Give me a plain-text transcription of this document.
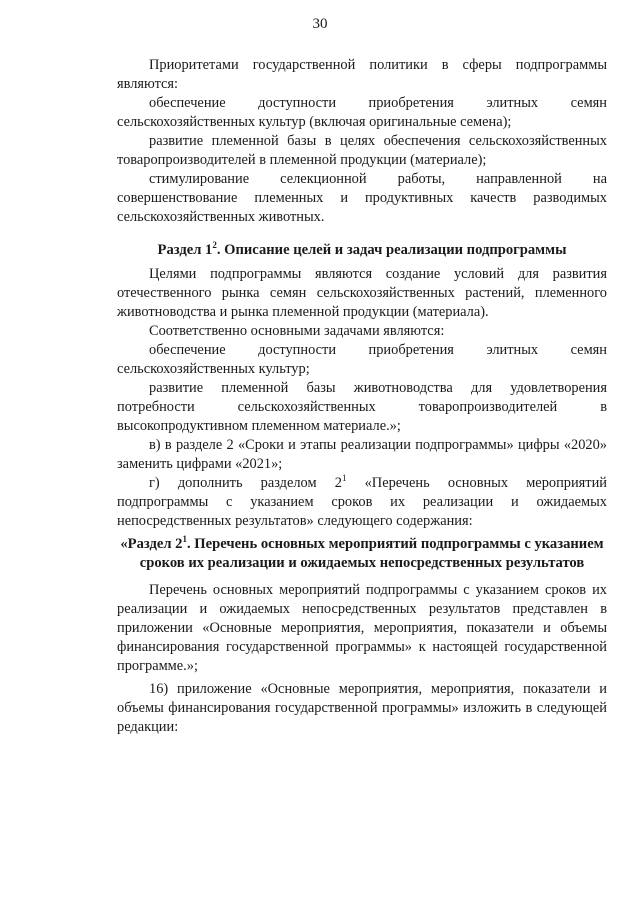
30

Приоритетами государственной политики в сферы подпрограммы являются:

обеспечение доступности приобретения элитных семян сельскохозяйственных культур (включая оригинальные семена);

развитие племенной базы в целях обеспечения сельскохозяйственных товаропроизводителей в племенной продукции (материале);

стимулирование селекционной работы, направленной на совершенствование племенных и продуктивных качеств разводимых сельскохозяйственных животных.

Раздел $1^2$. Описание целей и задач реализации подпрограммы

Целями подпрограммы являются создание условий для развития отечественного рынка семян сельскохозяйственных растений, племенного животноводства и рынка племенной продукции (материала).

Соответственно основными задачами являются:

обеспечение доступности приобретения элитных семян сельскохозяйственных культур;

развитие племенной базы животноводства для удовлетворения потребности сельскохозяйственных товаропроизводителей в высокопродуктивном племенном материале.»;

в) в разделе 2 «Сроки и этапы реализации подпрограммы» цифры «2020» заменить цифрами «2021»;

г) дополнить разделом $2^1$ «Перечень основных мероприятий подпрограммы с указанием сроков их реализации и ожидаемых непосредственных результатов» следующего содержания:

«Раздел $2^1$. Перечень основных мероприятий подпрограммы с указанием сроков их реализации и ожидаемых непосредственных результатов

Перечень основных мероприятий подпрограммы с указанием сроков их реализации и ожидаемых непосредственных результатов представлен в приложении «Основные мероприятия, мероприятия, показатели и объемы финансирования государственной программы» к настоящей государственной программе.»;

16) приложение «Основные мероприятия, мероприятия, показатели и объемы финансирования государственной программы» изложить в следующей редакции:
